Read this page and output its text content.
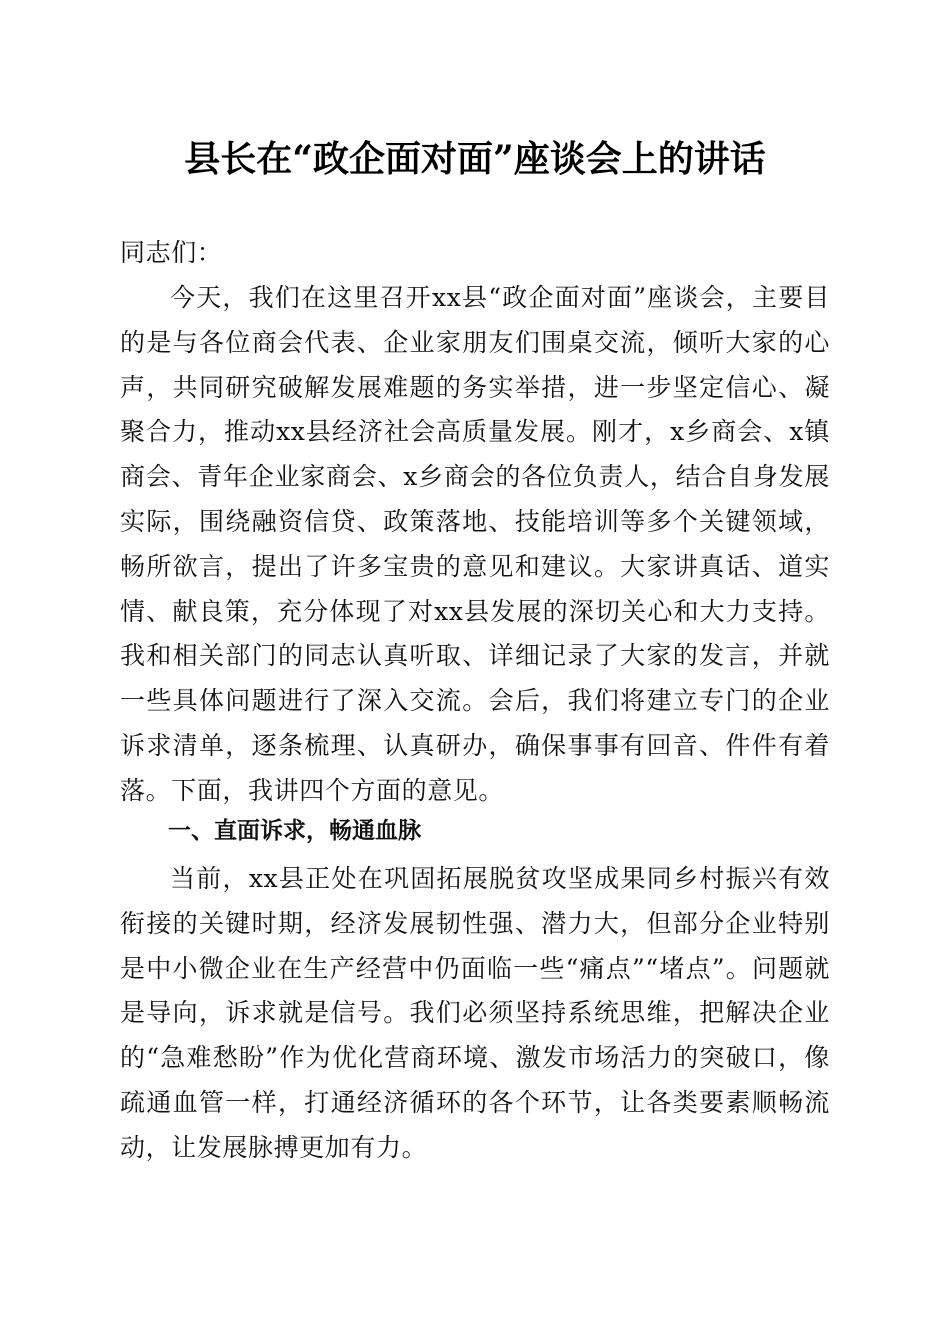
县长在“政企面对面”座谈会上的讲话

同志们：

今天，我们在这里召开xx县“政企面对面”座谈会，主要目的是与各位商会代表、企业家朋友们围桌交流，倾听大家的心声，共同研究破解发展难题的务实举措，进一步坚定信心、凝聚合力，推动xx县经济社会高质量发展。刚才，x乡商会、x镇商会、青年企业家商会、x乡商会的各位负责人，结合自身发展实际，围绕融资信贷、政策落地、技能培训等多个关键领域，畅所欲言，提出了许多宝贵的意见和建议。大家讲真话、道实情、献良策，充分体现了对xx县发展的深切关心和大力支持。我和相关部门的同志认真听取、详细记录了大家的发言，并就一些具体问题进行了深入交流。会后，我们将建立专门的企业诉求清单，逐条梳理、认真研办，确保事事有回音、件件有着落。下面，我讲四个方面的意见。

一、直面诉求，畅通血脉

当前，xx县正处在巩固拓展脱贫攻坚成果同乡村振兴有效衔接的关键时期，经济发展韧性强、潜力大，但部分企业特别是中小微企业在生产经营中仍面临一些“痛点”“堵点”。问题就是导向，诉求就是信号。我们必须坚持系统思维，把解决企业的“急难愁盼”作为优化营商环境、激发市场活力的突破口，像疏通血管一样，打通经济循环的各个环节，让各类要素顺畅流动，让发展脉搏更加有力。
